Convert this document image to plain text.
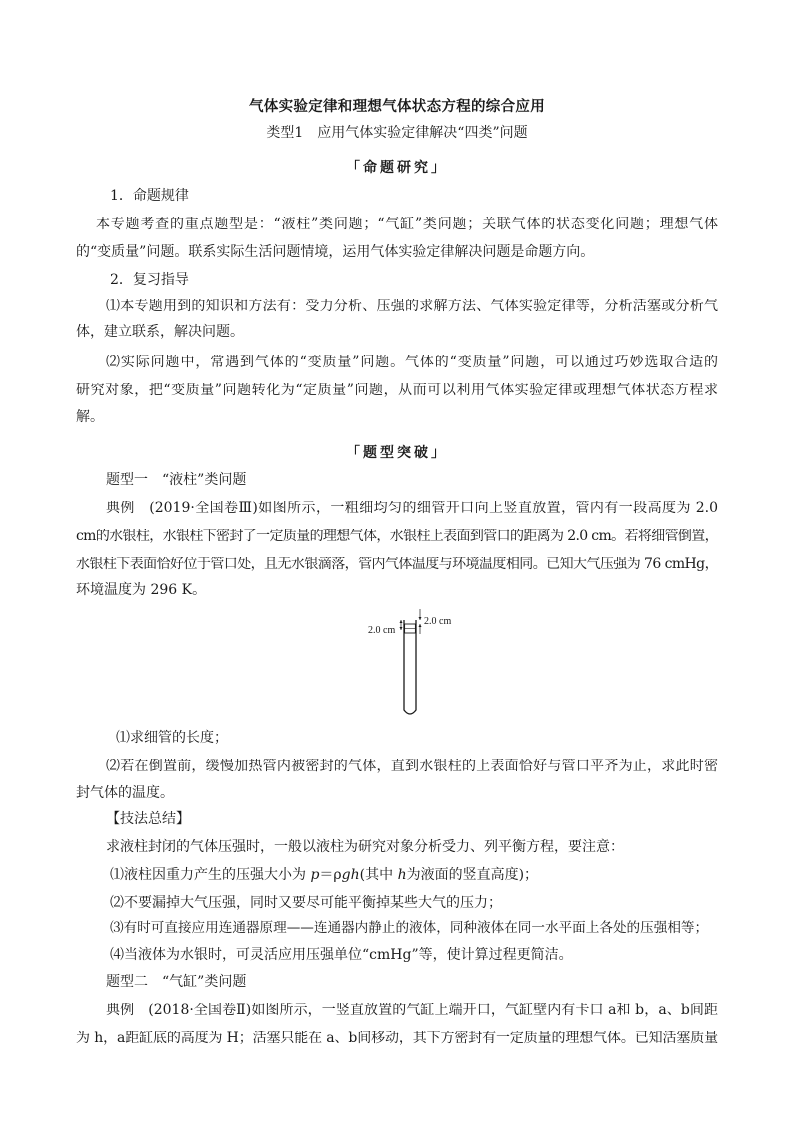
气体实验定律和理想气体状态方程的综合应用
类型1　应用气体实验定律解决“四类”问题
「命题研究」
1．命题规律
本专题考查的重点题型是：“液柱”类问题；“气缸”类问题；关联气体的状态变化问题；理想气体
的“变质量”问题。联系实际生活问题情境，运用气体实验定律解决问题是命题方向。
2．复习指导
⑴本专题用到的知识和方法有：受力分析、压强的求解方法、气体实验定律等，分析活塞或分析气
体，建立联系，解决问题。
⑵实际问题中，常遇到气体的“变质量”问题。气体的“变质量”问题，可以通过巧妙选取合适的
研究对象，把“变质量”问题转化为“定质量”问题，从而可以利用气体实验定律或理想气体状态方程求
解。
「题型突破」
题型一　“液柱”类问题
典例　(2019·全国卷Ⅲ)如图所示，一粗细均匀的细管开口向上竖直放置，管内有一段高度为 2.0
cm的水银柱，水银柱下密封了一定质量的理想气体，水银柱上表面到管口的距离为 2.0 cm。若将细管倒置，
水银柱下表面恰好位于管口处，且无水银滴落，管内气体温度与环境温度相同。已知大气压强为 76 cmHg，
环境温度为 296 K。
2.0 cm
2.0 cm
⑴求细管的长度；
⑵若在倒置前，缓慢加热管内被密封的气体，直到水银柱的上表面恰好与管口平齐为止，求此时密
封气体的温度。
【技法总结】
求液柱封闭的气体压强时，一般以液柱为研究对象分析受力、列平衡方程，要注意：
⑴液柱因重力产生的压强大小为 p＝ρgh(其中 h为液面的竖直高度)；
⑵不要漏掉大气压强，同时又要尽可能平衡掉某些大气的压力；
⑶有时可直接应用连通器原理——连通器内静止的液体，同种液体在同一水平面上各处的压强相等；
⑷当液体为水银时，可灵活应用压强单位“cmHg”等，使计算过程更简洁。
题型二　“气缸”类问题
典例　(2018·全国卷Ⅱ)如图所示，一竖直放置的气缸上端开口，气缸壁内有卡口 a和 b，a、b间距
为 h，a距缸底的高度为 H；活塞只能在 a、b间移动，其下方密封有一定质量的理想气体。已知活塞质量
